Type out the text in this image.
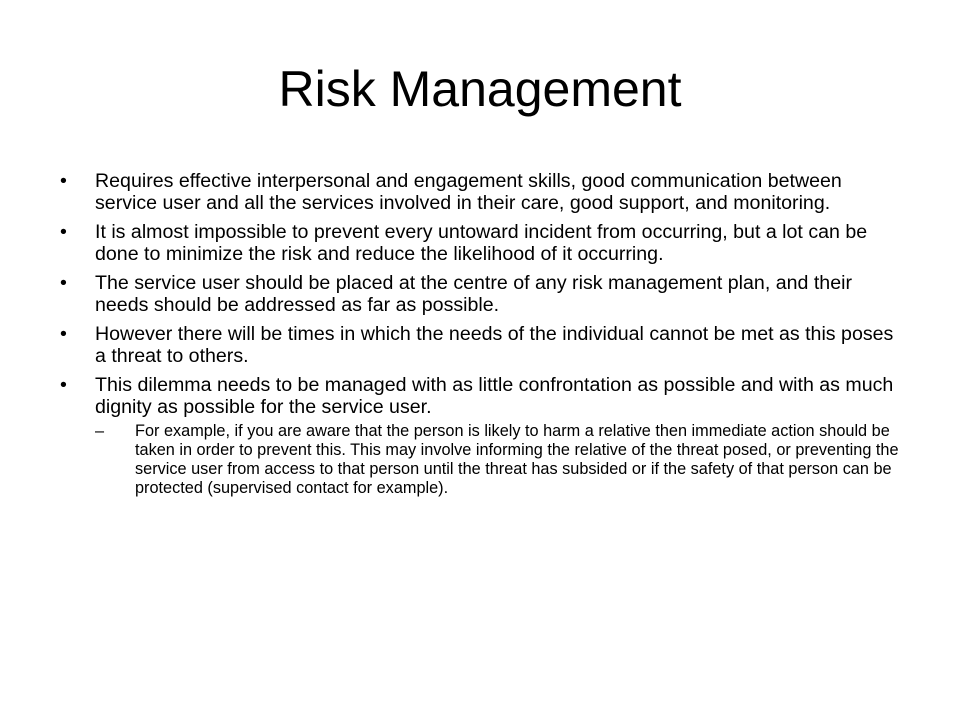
Risk Management
•	Requires effective interpersonal and engagement skills, good communication between service user and all the services involved in their care, good support, and monitoring.
•	It is almost impossible to prevent every untoward incident from occurring, but a lot can be done to minimize the risk and reduce the likelihood of it occurring.
•	The service user should be placed at the centre of any risk management plan, and their needs should be addressed as far as possible.
•	However there will be times in which the needs of the individual cannot be met as this poses a threat to others.
•	This dilemma needs to be managed with as little confrontation as possible and with as much dignity as possible for the service user.
– For example, if you are aware that the person is likely to harm a relative then immediate action should be taken in order to prevent this. This may involve informing the relative of the threat posed, or preventing the service user from access to that person until the threat has subsided or if the safety of that person can be protected (supervised contact for example).
